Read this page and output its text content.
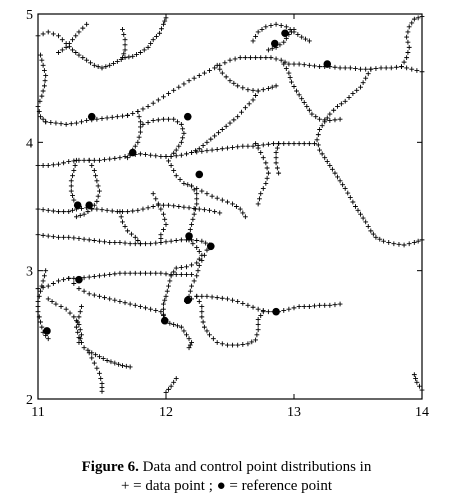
11	12	13	14
2
3
4
5
Figure 6. Data and control point distributions in
+ = data point ; ● = reference point
